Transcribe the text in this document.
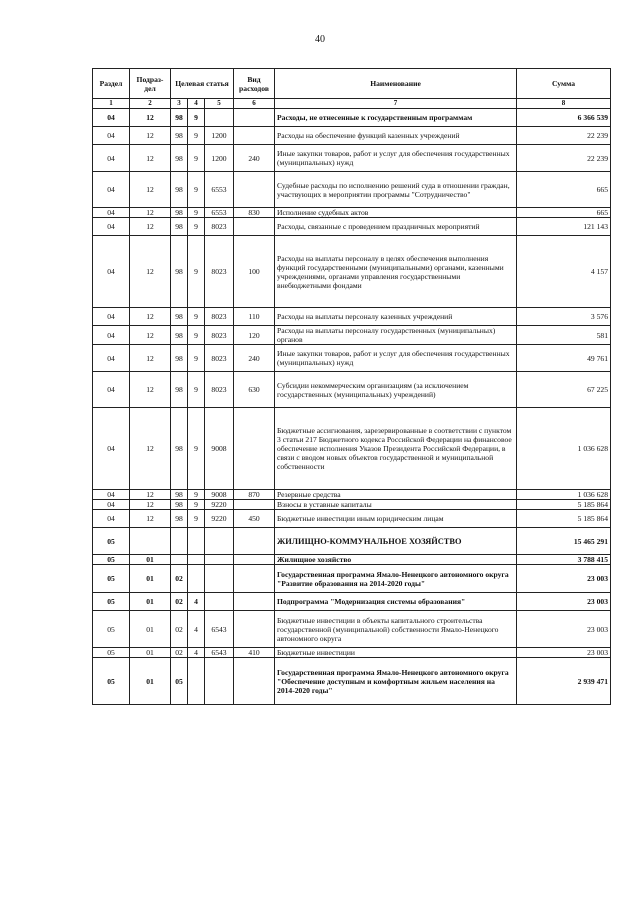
40
Раздел	Подраз-дел	Целевая статья			Вид расходов	Наименование	Сумма
1	2	3	4	5	6	7	8
04	12	98	9			Расходы, не отнесенные к государственным программам	6 366 539
04	12	98	9	1200		Расходы на обеспечение функций казенных учреждений	22 239
04	12	98	9	1200	240	Иные закупки товаров, работ и услуг для обеспечения государственных (муниципальных) нужд	22 239
04	12	98	9	6553		Судебные расходы по исполнению решений суда в отношении граждан, участвующих в мероприятии программы "Сотрудничество"	665
04	12	98	9	6553	830	Исполнение судебных актов	665
04	12	98	9	8023		Расходы, связанные с проведением праздничных мероприятий	121 143
04	12	98	9	8023	100	Расходы на выплаты персоналу в целях обеспечения выполнения функций государственными (муниципальными) органами, казенными учреждениями, органами управления государственными внебюджетными фондами	4 157
04	12	98	9	8023	110	Расходы на выплаты персоналу казенных учреждений	3 576
04	12	98	9	8023	120	Расходы на выплаты персоналу государственных (муниципальных) органов	581
04	12	98	9	8023	240	Иные закупки товаров, работ и услуг для обеспечения государственных (муниципальных) нужд	49 761
04	12	98	9	8023	630	Субсидии некоммерческим организациям (за исключением государственных (муниципальных) учреждений)	67 225
04	12	98	9	9008		Бюджетные ассигнования, зарезервированные в соответствии с пунктом 3 статьи 217 Бюджетного кодекса Российской Федерации на финансовое обеспечение исполнения Указов Президента Российской Федерации, в связи с вводом новых объектов государственной и муниципальной собственности	1 036 628
04	12	98	9	9008	870	Резервные средства	1 036 628
04	12	98	9	9220		Взносы в уставные капиталы	5 185 864
04	12	98	9	9220	450	Бюджетные инвестиции иным юридическим лицам	5 185 864
05						ЖИЛИЩНО-КОММУНАЛЬНОЕ ХОЗЯЙСТВО	15 465 291
05	01					Жилищное хозяйство	3 788 415
05	01	02				Государственная программа Ямало-Ненецкого автономного округа "Развитие образования на 2014-2020 годы"	23 003
05	01	02	4			Подпрограмма "Модернизация системы образования"	23 003
05	01	02	4	6543		Бюджетные инвестиции в объекты капитального строительства государственной (муниципальной) собственности Ямало-Ненецкого автономного округа	23 003
05	01	02	4	6543	410	Бюджетные инвестиции	23 003
05	01	05				Государственная программа Ямало-Ненецкого автономного округа "Обеспечение доступным и комфортным жильем населения на 2014-2020 годы"	2 939 471
